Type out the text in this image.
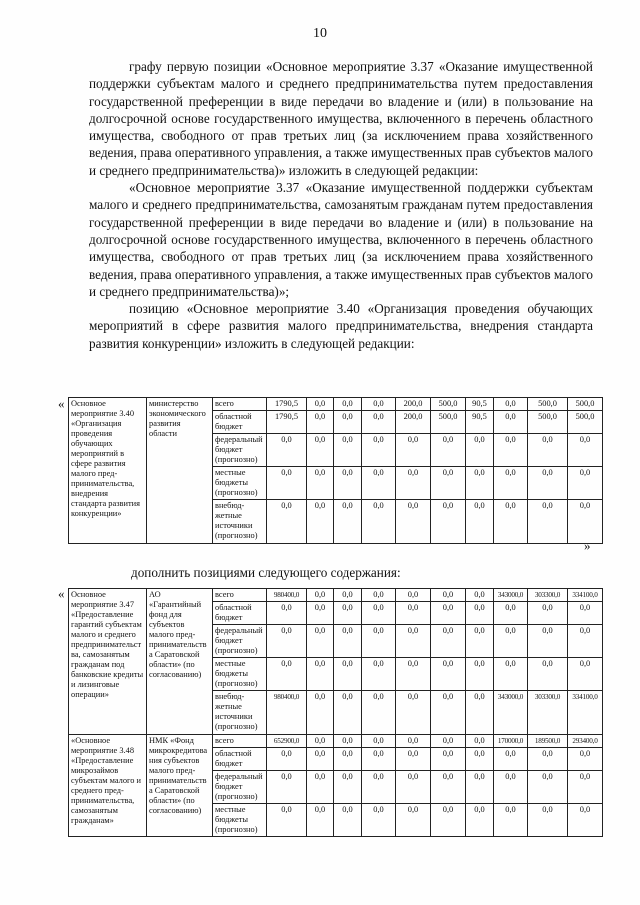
10

графу первую позиции «Основное мероприятие 3.37 «Оказание имущественной поддержки субъектам малого и среднего предпринимательства путем предоставления государственной преференции в виде передачи во владение и (или) в пользование на долгосрочной основе государственного имущества, включенного в перечень областного имущества, свободного от прав третьих лиц (за исключением права хозяйственного ведения, права оперативного управления, а также имущественных прав субъектов малого и среднего предпринимательства)» изложить в следующей редакции:

«Основное мероприятие 3.37 «Оказание имущественной поддержки субъектам малого и среднего предпринимательства, самозанятым гражданам путем предоставления государственной преференции в виде передачи во владение и (или) в пользование на долгосрочной основе государственного имущества, включенного в перечень областного имущества, свободного от прав третьих лиц (за исключением права хозяйственного ведения, права оперативного управления, а также имущественных прав субъектов малого и среднего предпринимательства)»;

позицию «Основное мероприятие 3.40 «Организация проведения обучающих мероприятий в сфере развития малого предпринимательства, внедрения стандарта развития конкуренции» изложить в следующей редакции:

« Основное мероприятие 3.40 «Организация проведения обучающих мероприятий в сфере развития малого пред-принимательства, внедрения стандарта развития конкуренции»	министерство экономического развития области	всего	1790,5	0,0	0,0	0,0	200,0	500,0	90,5	0,0	500,0	500,0
		областной бюджет	1790,5	0,0	0,0	0,0	200,0	500,0	90,5	0,0	500,0	500,0
		федеральный бюджет (прогнозно)	0,0	0,0	0,0	0,0	0,0	0,0	0,0	0,0	0,0	0,0
		местные бюджеты (прогнозно)	0,0	0,0	0,0	0,0	0,0	0,0	0,0	0,0	0,0	0,0
		внебюд-жетные источники (прогнозно)	0,0	0,0	0,0	0,0	0,0	0,0	0,0	0,0	0,0	0,0
»
дополнить позициями следующего содержания:
« Основное мероприятие 3.47 «Предоставление гарантий субъектам малого и среднего предпринимательства, самозанятым гражданам под банковские кредиты и лизинговые операции»	АО «Гарантийный фонд для субъектов малого пред-принимательства Саратовской области» (по согласованию)	всего	980400,0	0,0	0,0	0,0	0,0	0,0	0,0	343000,0	303300,0	334100,0
		областной бюджет	0,0	0,0	0,0	0,0	0,0	0,0	0,0	0,0	0,0	0,0
		федеральный бюджет (прогнозно)	0,0	0,0	0,0	0,0	0,0	0,0	0,0	0,0	0,0	0,0
		местные бюджеты (прогнозно)	0,0	0,0	0,0	0,0	0,0	0,0	0,0	0,0	0,0	0,0
		внебюд-жетные источники (прогнозно)	980400,0	0,0	0,0	0,0	0,0	0,0	0,0	343000,0	303300,0	334100,0
«Основное мероприятие 3.48 «Предоставление микрозаймов субъектам малого и среднего пред-принимательства, самозанятым гражданам»	НМК «Фонд микрокредитования субъектов малого пред-принимательства Саратовской области» (по согласованию)	всего	652900,0	0,0	0,0	0,0	0,0	0,0	0,0	170000,0	189500,0	293400,0
		областной бюджет	0,0	0,0	0,0	0,0	0,0	0,0	0,0	0,0	0,0	0,0
		федеральный бюджет (прогнозно)	0,0	0,0	0,0	0,0	0,0	0,0	0,0	0,0	0,0	0,0
		местные бюджеты (прогнозно)	0,0	0,0	0,0	0,0	0,0	0,0	0,0	0,0	0,0	0,0
